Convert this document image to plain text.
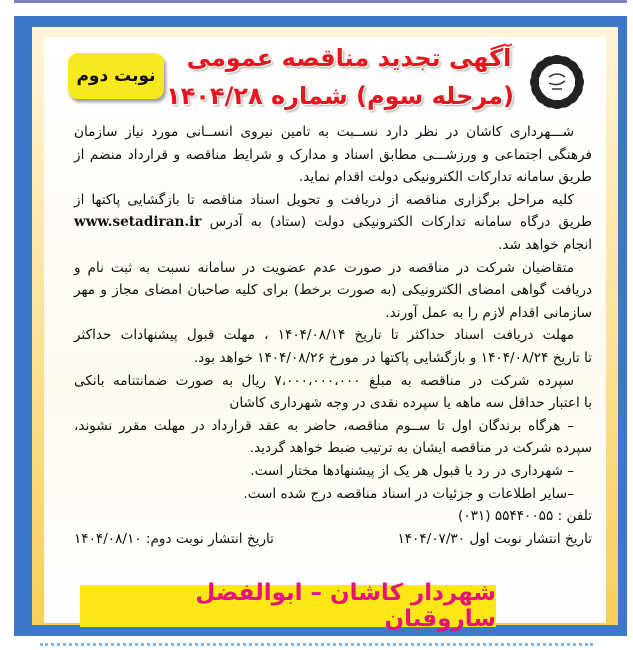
نوبت دوم
آگهی تجدید مناقصه عمومی
(مرحله سوم) شماره ۱۴۰۴/۲۸
شـــهرداری کاشان در نظر دارد نســبت به تامین نیروی انســانی مورد نیاز سازمان
فرهنگی اجتماعی و ورزشـــی مطابق اسناد و مدارک و شرایط مناقصه و قرارداد منضم از
طریق سامانه تدارکات الکترونیکی دولت اقدام نماید.
کلیه مراحل برگزاری مناقصه از دریافت و تحویل اسناد مناقصه تا بازگشایی پاکتها از
طریق درگاه سامانه تدارکات الکترونیکی دولت (ستاد) به آدرس www.setadiran.ir
انجام خواهد شد.
متقاضیان شرکت در مناقصه در صورت عدم عضویت در سامانه نسبت به ثبت نام و
دریافت گواهی امضای الکترونیکی (به صورت برخط) برای کلیه صاحبان امضای مجاز و مهر
سازمانی اقدام لازم را به عمل آورند.
مهلت دریافت اسناد حداکثر تا تاریخ ۱۴۰۴/۰۸/۱۴ ، مهلت قبول پیشنهادات حداکثر
تا تاریخ ۱۴۰۴/۰۸/۲۴ و بازگشایی پاکتها در مورخ ۱۴۰۴/۰۸/۲۶ خواهد بود.
سپرده شرکت در مناقصه به مبلغ ۷،۰۰۰،۰۰۰،۰۰۰ ریال به صورت ضمانتنامه بانکی
با اعتبار حداقل سه ماهه یا سپرده نقدی در وجه شهرداری کاشان
– هرگاه برندگان اول تا ســوم مناقصه، حاضر به عقد قرارداد در مهلت مقرر نشوند،
سپرده شرکت در مناقصه ایشان به ترتیب ضبط خواهد گردید.
– شهرداری در رد یا قبول هر یک از پیشنهادها مختار است.
–سایر اطلاعات و جزئیات در اسناد مناقصه درج شده است.
تلفن : ۵۵۴۴۰۰۵۵ (۰۳۱)
تاریخ انتشار نوبت اول ۱۴۰۴/۰۷/۳۰
تاریخ انتشار نوبت دوم: ۱۴۰۴/۰۸/۱۰
شهردار کاشان – ابوالفضل ساروقیان
